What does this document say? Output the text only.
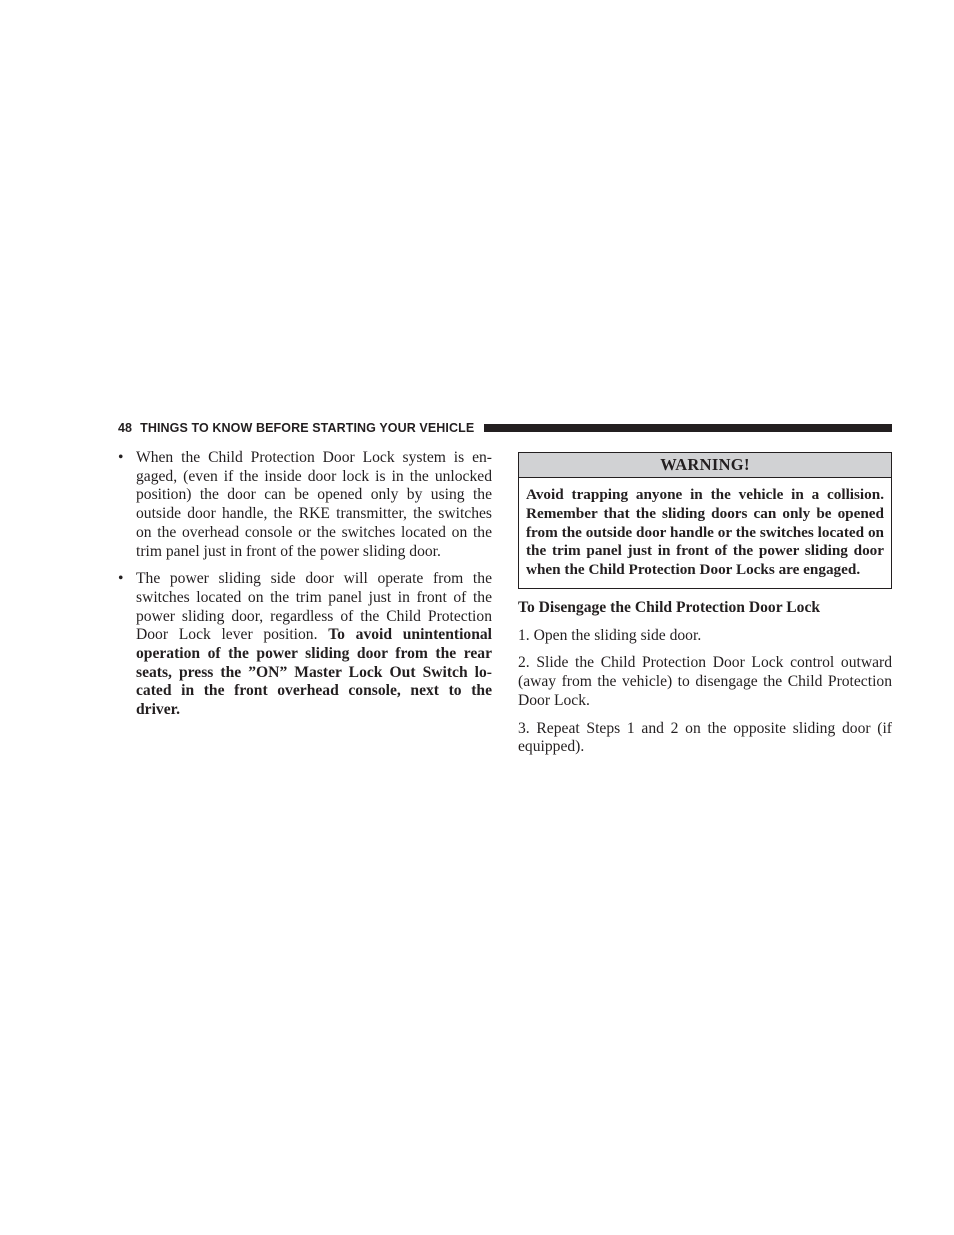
48 THINGS TO KNOW BEFORE STARTING YOUR VEHICLE
• When the Child Protection Door Lock system is en-gaged, (even if the inside door lock is in the unlocked position) the door can be opened only by using the outside door handle, the RKE transmitter, the switches on the overhead console or the switches located on the trim panel just in front of the power sliding door.
• The power sliding side door will operate from the switches located on the trim panel just in front of the power sliding door, regardless of the Child Protection Door Lock lever position. To avoid unintentional operation of the power sliding door from the rear seats, press the ”ON” Master Lock Out Switch lo-cated in the front overhead console, next to the driver.
WARNING!
Avoid trapping anyone in the vehicle in a collision. Remember that the sliding doors can only be opened from the outside door handle or the switches located on the trim panel just in front of the power sliding door when the Child Protection Door Locks are engaged.
To Disengage the Child Protection Door Lock
1. Open the sliding side door.
2. Slide the Child Protection Door Lock control outward (away from the vehicle) to disengage the Child Protection Door Lock.
3. Repeat Steps 1 and 2 on the opposite sliding door (if equipped).
